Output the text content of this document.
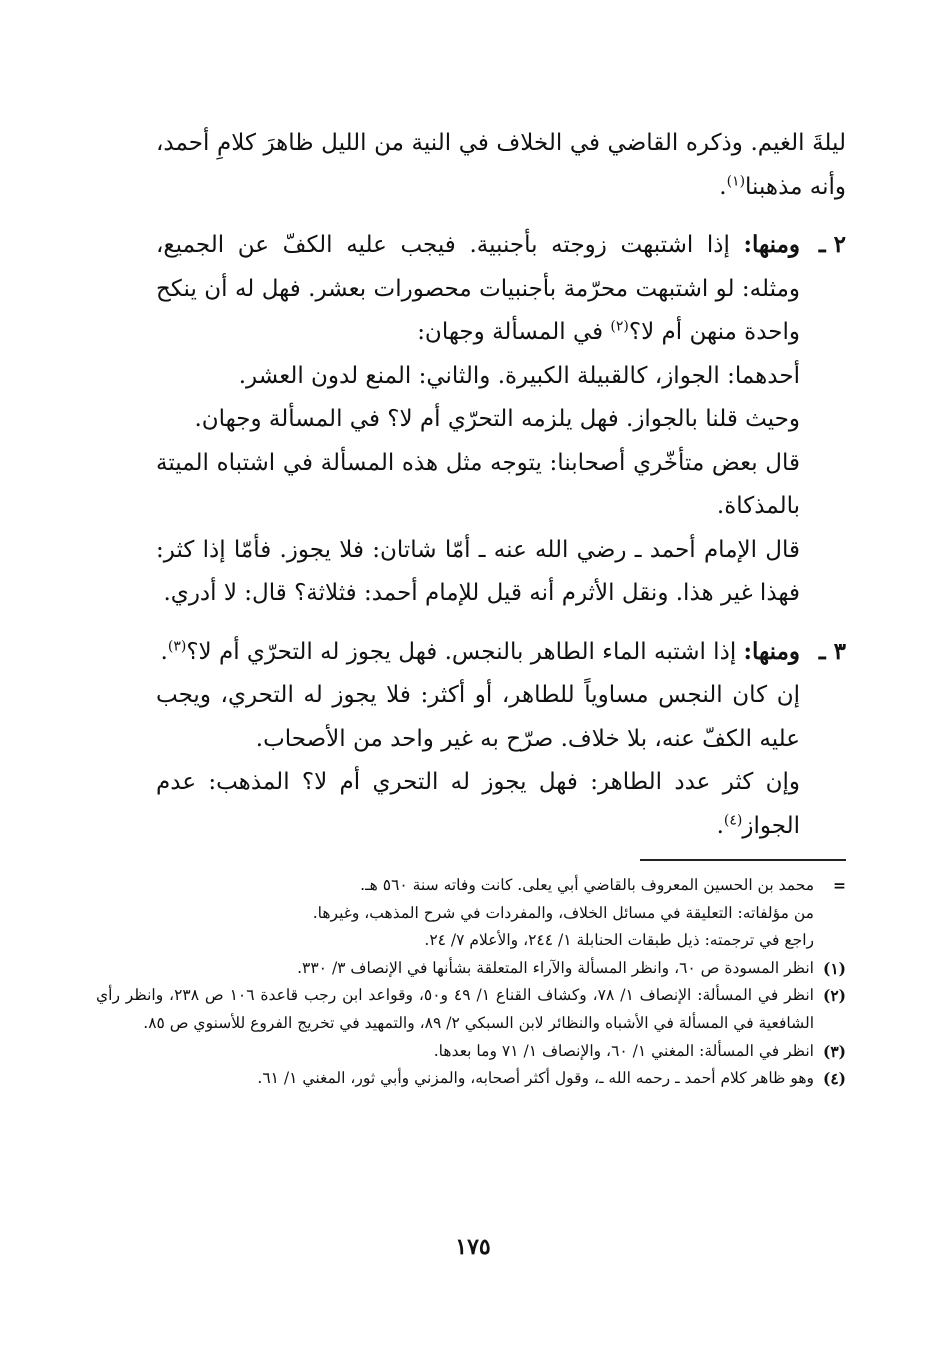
ليلةَ الغيم. وذكره القاضي في الخلاف في النية من الليل ظاهرَ كلامِ أحمد، وأنه مذهبنا$^{(١)}$.

٢ ـ

ومنها: إذا اشتبهت زوجته بأجنبية. فيجب عليه الكفّ عن الجميع، ومثله: لو اشتبهت محرّمة بأجنبيات محصورات بعشر. فهل له أن ينكح واحدة منهن أم لا؟$^{(٢)}$ في المسألة وجهان:

أحدهما: الجواز، كالقبيلة الكبيرة. والثاني: المنع لدون العشر.

وحيث قلنا بالجواز. فهل يلزمه التحرّي أم لا؟ في المسألة وجهان.

قال بعض متأخّري أصحابنا: يتوجه مثل هذه المسألة في اشتباه الميتة بالمذكاة.

قال الإمام أحمد ـ رضي الله عنه ـ أمّا شاتان: فلا يجوز. فأمّا إذا كثر: فهذا غير هذا. ونقل الأثرم أنه قيل للإمام أحمد: فثلاثة؟ قال: لا أدري.

٣ ـ

ومنها: إذا اشتبه الماء الطاهر بالنجس. فهل يجوز له التحرّي أم لا؟$^{(٣)}$.

إن كان النجس مساوياً للطاهر، أو أكثر: فلا يجوز له التحري، ويجب عليه الكفّ عنه، بلا خلاف. صرّح به غير واحد من الأصحاب.

وإن كثر عدد الطاهر: فهل يجوز له التحري أم لا؟ المذهب: عدم الجواز$^{(٤)}$.

=

محمد بن الحسين المعروف بالقاضي أبي يعلى. كانت وفاته سنة ٥٦٠ هـ.

من مؤلفاته: التعليقة في مسائل الخلاف، والمفردات في شرح المذهب، وغيرها.

راجع في ترجمته: ذيل طبقات الحنابلة ١/ ٢٤٤، والأعلام ٧/ ٢٤.

(١)

انظر المسودة ص ٦٠، وانظر المسألة والآراء المتعلقة بشأنها في الإنصاف ٣/ ٣٣٠.

(٢)

انظر في المسألة: الإنصاف ١/ ٧٨، وكشاف القناع ١/ ٤٩ و٥٠، وقواعد ابن رجب قاعدة ١٠٦ ص ٢٣٨، وانظر رأي الشافعية في المسألة في الأشباه والنظائر لابن السبكي ٢/ ٨٩، والتمهيد في تخريج الفروع للأسنوي ص ٨٥.

(٣)

انظر في المسألة: المغني ١/ ٦٠، والإنصاف ١/ ٧١ وما بعدها.

(٤)

وهو ظاهر كلام أحمد ـ رحمه الله ـ، وقول أكثر أصحابه، والمزني وأبي ثور، المغني ١/ ٦١.

١٧٥
